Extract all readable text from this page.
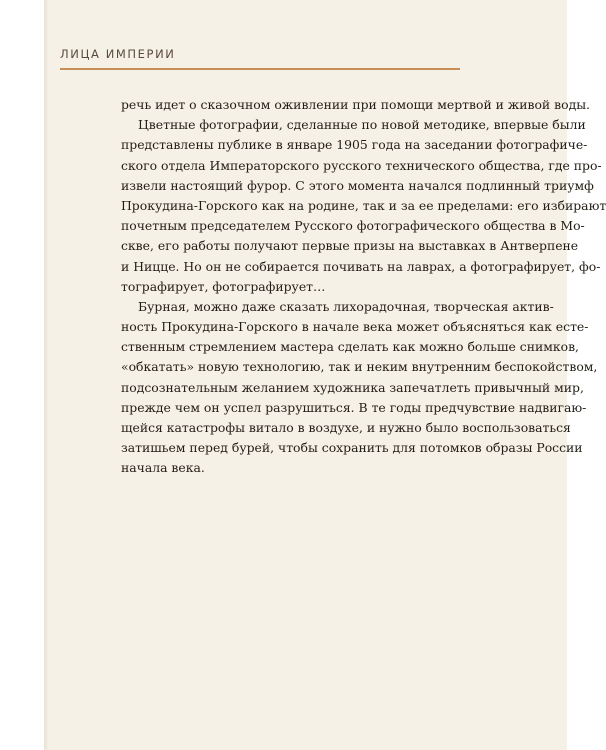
ЛИЦА ИМПЕРИИ
речь идет о сказочном оживлении при помощи мертвой и живой воды.
Цветные фотографии, сделанные по новой методике, впервые были
представлены публике в январе 1905 года на заседании фотографиче-
ского отдела Императорского русского технического общества, где про-
извели настоящий фурор. С этого момента начался подлинный триумф
Прокудина-Горского как на родине, так и за ее пределами: его избирают
почетным председателем Русского фотографического общества в Мо-
скве, его работы получают первые призы на выставках в Антверпене
и Ницце. Но он не собирается почивать на лаврах, а фотографирует, фо-
тографирует, фотографирует…
Бурная, можно даже сказать лихорадочная, творческая актив-
ность Прокудина-Горского в начале века может объясняться как есте-
ственным стремлением мастера сделать как можно больше снимков,
«обкатать» новую технологию, так и неким внутренним беспокойством,
подсознательным желанием художника запечатлеть привычный мир,
прежде чем он успел разрушиться. В те годы предчувствие надвигаю-
щейся катастрофы витало в воздухе, и нужно было воспользоваться
затишьем перед бурей, чтобы сохранить для потомков образы России
начала века.
